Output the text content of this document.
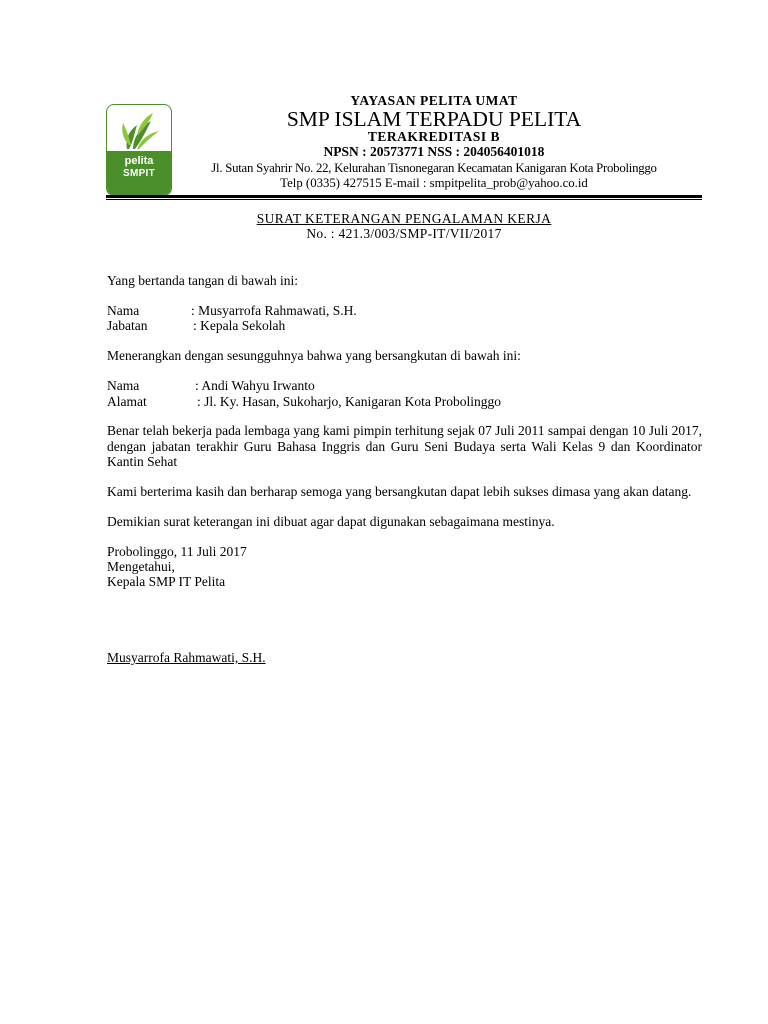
pelita
SMPIT
YAYASAN PELITA UMAT
SMP ISLAM TERPADU PELITA
TERAKREDITASI B
NPSN : 20573771 NSS : 204056401018
Jl. Sutan Syahrir No. 22, Kelurahan Tisnonegaran Kecamatan Kanigaran Kota Probolinggo
Telp (0335) 427515 E-mail : smpitpelita_prob@yahoo.co.id
SURAT KETERANGAN PENGALAMAN KERJA
No. : 421.3/003/SMP-IT/VII/2017
Yang bertanda tangan di bawah ini:
Nama	: Musyarrofa Rahmawati, S.H.
Jabatan	: Kepala Sekolah
Menerangkan dengan sesungguhnya bahwa yang bersangkutan di bawah ini:
Nama	: Andi Wahyu Irwanto
Alamat	: Jl. Ky. Hasan, Sukoharjo, Kanigaran Kota Probolinggo
Benar telah bekerja pada lembaga yang kami pimpin terhitung sejak 07 Juli 2011 sampai dengan 10 Juli 2017, dengan jabatan terakhir Guru Bahasa Inggris dan Guru Seni Budaya serta Wali Kelas 9 dan Koordinator Kantin Sehat
Kami berterima kasih dan berharap semoga yang bersangkutan dapat lebih sukses dimasa yang akan datang.
Demikian surat keterangan ini dibuat agar dapat digunakan sebagaimana mestinya.
Probolinggo, 11 Juli 2017
Mengetahui,
Kepala SMP IT Pelita
Musyarrofa Rahmawati, S.H.
